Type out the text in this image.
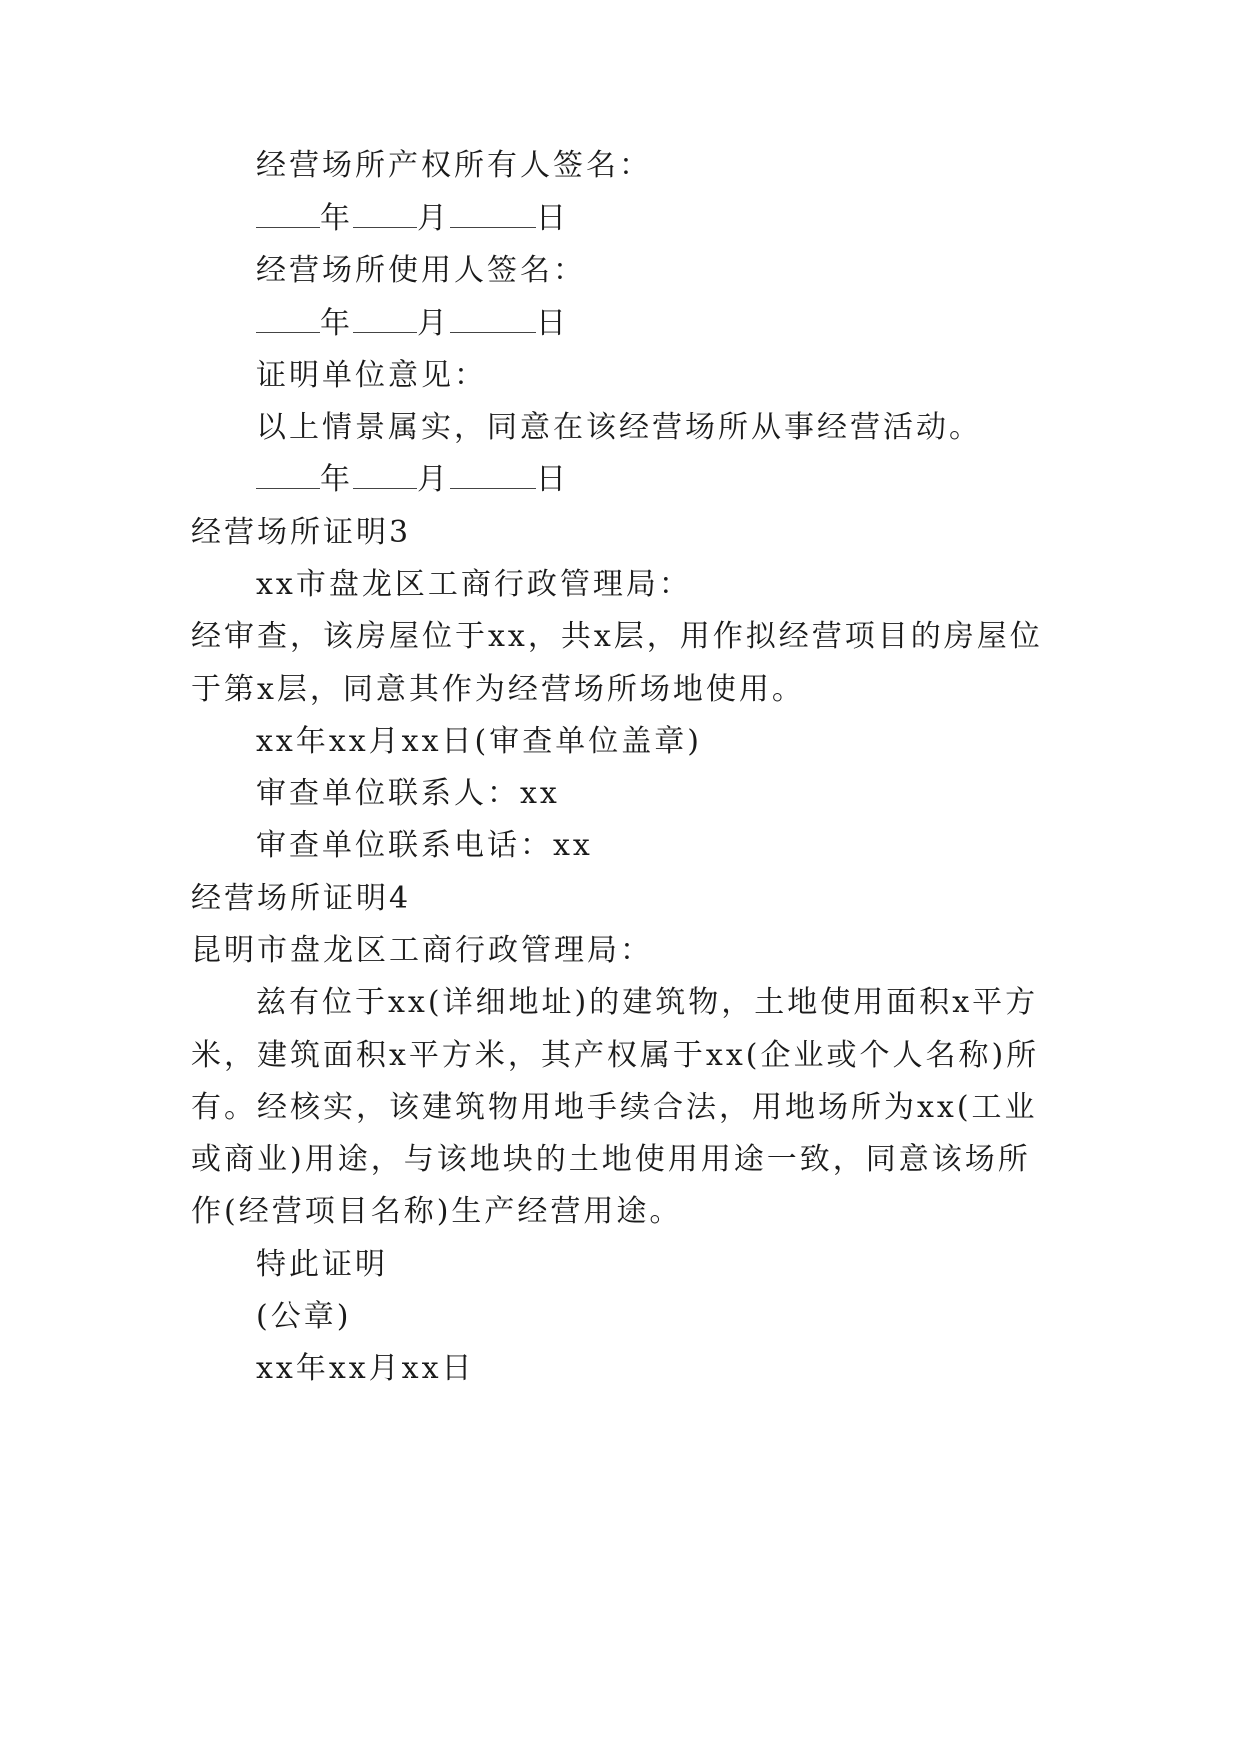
经营场所产权所有人签名：
年 月	日
经营场所使用人签名：
年 月	日
证明单位意见：
以上情景属实，同意在该经营场所从事经营活动。
年 月	日
经营场所证明3
xx市盘龙区工商行政管理局：
经审查，该房屋位于xx，共x层，用作拟经营项目的房屋位
于第x层，同意其作为经营场所场地使用。
xx年xx月xx日(审查单位盖章)
审查单位联系人：xx
审查单位联系电话：xx
经营场所证明4
昆明市盘龙区工商行政管理局：
兹有位于xx(详细地址)的建筑物，土地使用面积x平方
米，建筑面积x平方米，其产权属于xx(企业或个人名称)所
有。经核实，该建筑物用地手续合法，用地场所为xx(工业
或商业)用途，与该地块的土地使用用途一致，同意该场所
作(经营项目名称)生产经营用途。
特此证明
(公章)
xx年xx月xx日
